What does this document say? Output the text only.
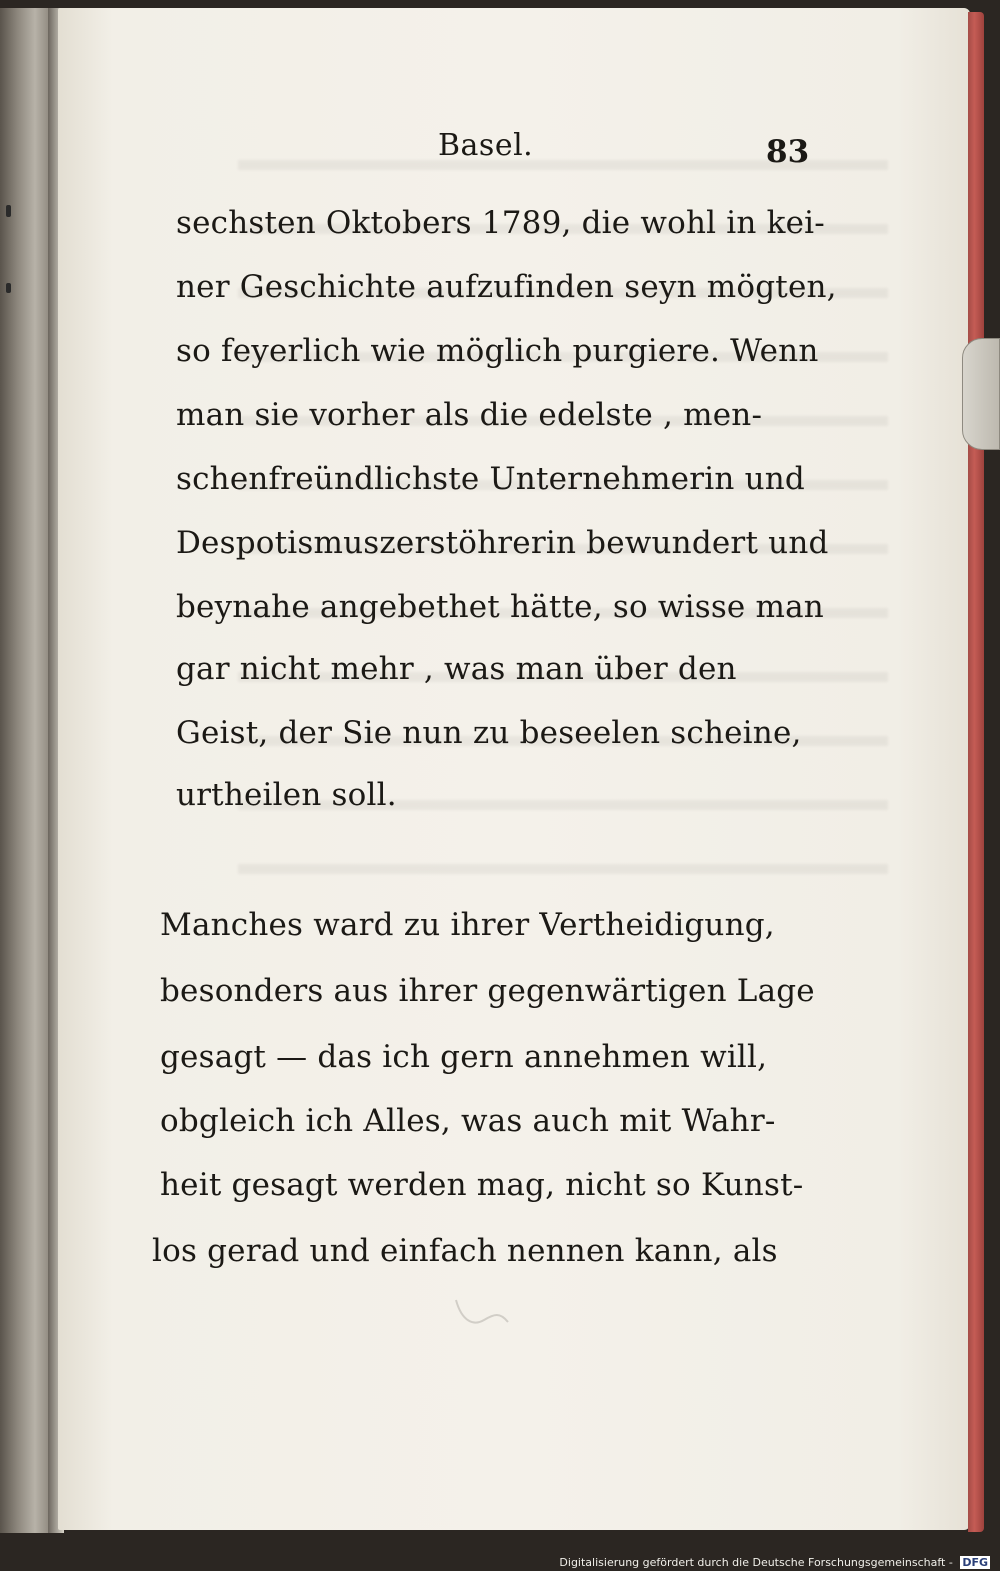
Basel.	83
sechsten Oktobers 1789, die wohl in kei-
ner Geschichte aufzufinden seyn mögten,
so feyerlich wie möglich purgiere. Wenn
man sie vorher als die edelste , men-
schenfreündlichste Unternehmerin und
Despotismuszerstöhrerin bewundert und
beynahe angebethet hätte, so wisse man
gar nicht mehr , was man über den
Geist, der Sie nun zu beseelen scheine,
urtheilen soll.
Manches ward zu ihrer Vertheidigung,
besonders aus ihrer gegenwärtigen Lage
gesagt — das ich gern annehmen will,
obgleich ich Alles, was auch mit Wahr-
heit gesagt werden mag, nicht so Kunst-
los gerad und einfach nennen kann, als
Digitalisierung gefördert durch die Deutsche Forschungsgemeinschaft - DFG
